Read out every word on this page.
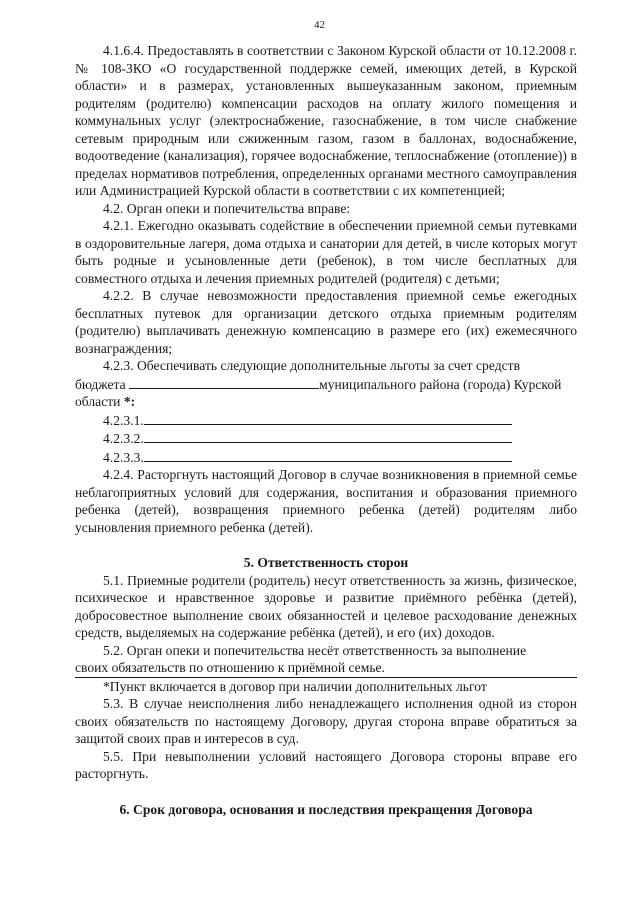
42

4.1.6.4. Предоставлять в соответствии с Законом Курской области от 10.12.2008 г. № 108-ЗКО «О государственной поддержке семей, имеющих детей, в Курской области» и в размерах, установленных вышеуказанным законом, приемным родителям (родителю) компенсации расходов на оплату жилого помещения и коммунальных услуг (электроснабжение, газоснабжение, в том числе снабжение сетевым природным или сжиженным газом, газом в баллонах, водоснабжение, водоотведение (канализация), горячее водоснабжение, теплоснабжение (отопление)) в пределах нормативов потребления, определенных органами местного самоуправления или Администрацией Курской области в соответствии с их компетенцией;

4.2. Орган опеки и попечительства вправе:

4.2.1. Ежегодно оказывать содействие в обеспечении приемной семьи путевками в оздоровительные лагеря, дома отдыха и санатории для детей, в числе которых могут быть родные и усыновленные дети (ребенок), в том числе бесплатных для совместного отдыха и лечения приемных родителей (родителя) с детьми;

4.2.2. В случае невозможности предоставления приемной семье ежегодных бесплатных путевок для организации детского отдыха приемным родителям (родителю) выплачивать денежную компенсацию в размере его (их) ежемесячного вознаграждения;

4.2.3. Обеспечивать следующие дополнительные льготы за счет средств

бюджета	муниципального района (города) Курской

области *:

4.2.3.1.

4.2.3.2.

4.2.3.3.

4.2.4. Расторгнуть настоящий Договор в случае возникновения в приемной семье неблагоприятных условий для содержания, воспитания и образования приемного ребенка (детей), возвращения приемного ребенка (детей) родителям либо усыновления приемного ребенка (детей).

5. Ответственность сторон

5.1. Приемные родители (родитель) несут ответственность за жизнь, физическое, психическое и нравственное здоровье и развитие приёмного ребёнка (детей), добросовестное выполнение своих обязанностей и целевое расходование денежных средств, выделяемых на содержание ребёнка (детей), и его (их) доходов.

5.2. Орган опеки и попечительства несёт ответственность за выполнение

своих обязательств по отношению к приёмной семье.

*Пункт включается в договор при наличии дополнительных льгот

5.3. В случае неисполнения либо ненадлежащего исполнения одной из сторон своих обязательств по настоящему Договору, другая сторона вправе обратиться за защитой своих прав и интересов в суд.

5.5. При невыполнении условий настоящего Договора стороны вправе его расторгнуть.

6. Срок договора, основания и последствия прекращения Договора
